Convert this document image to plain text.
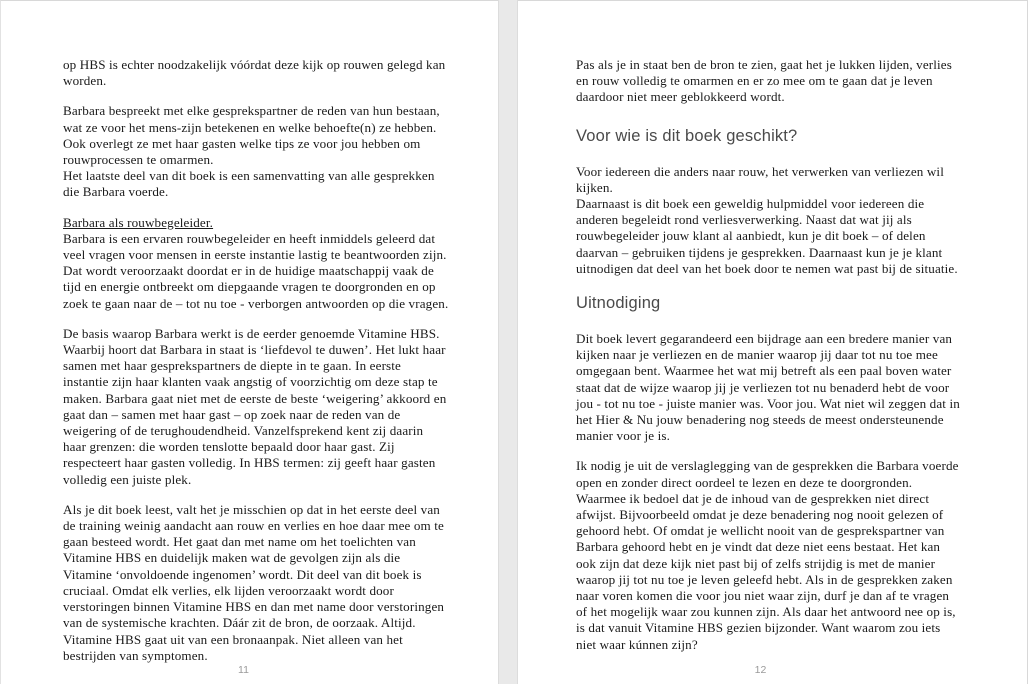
op HBS is echter noodzakelijk vóórdat deze kijk op rouwen gelegd kan worden.

Barbara bespreekt met elke gesprekspartner de reden van hun bestaan, wat ze voor het mens-zijn betekenen en welke behoefte(n) ze hebben. Ook overlegt ze met haar gasten welke tips ze voor jou hebben om rouwprocessen te omarmen.

Het laatste deel van dit boek is een samenvatting van alle gesprekken die Barbara voerde.

Barbara als rouwbegeleider.

Barbara is een ervaren rouwbegeleider en heeft inmiddels geleerd dat veel vragen voor mensen in eerste instantie lastig te beantwoorden zijn. Dat wordt veroorzaakt doordat er in de huidige maatschappij vaak de tijd en energie ontbreekt om diepgaande vragen te doorgronden en op zoek te gaan naar de – tot nu toe - verborgen antwoorden op die vragen.

De basis waarop Barbara werkt is de eerder genoemde Vitamine HBS. Waarbij hoort dat Barbara in staat is ‘liefdevol te duwen’. Het lukt haar samen met haar gesprekspartners de diepte in te gaan. In eerste instantie zijn haar klanten vaak angstig of voorzichtig om deze stap te maken. Barbara gaat niet met de eerste de beste ‘weigering’ akkoord en gaat dan – samen met haar gast – op zoek naar de reden van de weigering of de terughoudendheid. Vanzelfsprekend kent zij daarin haar grenzen: die worden tenslotte bepaald door haar gast. Zij respecteert haar gasten volledig. In HBS termen: zij geeft haar gasten volledig een juiste plek.

Als je dit boek leest, valt het je misschien op dat in het eerste deel van de training weinig aandacht aan rouw en verlies en hoe daar mee om te gaan besteed wordt. Het gaat dan met name om het toelichten van Vitamine HBS en duidelijk maken wat de gevolgen zijn als die Vitamine ‘onvoldoende ingenomen’ wordt. Dit deel van dit boek is cruciaal. Omdat elk verlies, elk lijden veroorzaakt wordt door verstoringen binnen Vitamine HBS en dan met name door verstoringen van de systemische krachten. Dáár zit de bron, de oorzaak. Altijd. Vitamine HBS gaat uit van een bronaanpak. Niet alleen van het bestrijden van symptomen.

11

Pas als je in staat ben de bron te zien, gaat het je lukken lijden, verlies en rouw volledig te omarmen en er zo mee om te gaan dat je leven daardoor niet meer geblokkeerd wordt.

Voor wie is dit boek geschikt?

Voor iedereen die anders naar rouw, het verwerken van verliezen wil kijken.

Daarnaast is dit boek een geweldig hulpmiddel voor iedereen die anderen begeleidt rond verliesverwerking. Naast dat wat jij als rouwbegeleider jouw klant al aanbiedt, kun je dit boek – of delen daarvan – gebruiken tijdens je gesprekken. Daarnaast kun je je klant uitnodigen dat deel van het boek door te nemen wat past bij de situatie.

Uitnodiging

Dit boek levert gegarandeerd een bijdrage aan een bredere manier van kijken naar je verliezen en de manier waarop jij daar tot nu toe mee omgegaan bent. Waarmee het wat mij betreft als een paal boven water staat dat de wijze waarop jij je verliezen tot nu benaderd hebt de voor jou - tot nu toe - juiste manier was. Voor jou. Wat niet wil zeggen dat in het Hier & Nu jouw benadering nog steeds de meest ondersteunende manier voor je is.

Ik nodig je uit de verslaglegging van de gesprekken die Barbara voerde open en zonder direct oordeel te lezen en deze te doorgronden. Waarmee ik bedoel dat je de inhoud van de gesprekken niet direct afwijst. Bijvoorbeeld omdat je deze benadering nog nooit gelezen of gehoord hebt. Of omdat je wellicht nooit van de gesprekspartner van Barbara gehoord hebt en je vindt dat deze niet eens bestaat. Het kan ook zijn dat deze kijk niet past bij of zelfs strijdig is met de manier waarop jij tot nu toe je leven geleefd hebt. Als in de gesprekken zaken naar voren komen die voor jou niet waar zijn, durf je dan af te vragen of het mogelijk waar zou kunnen zijn. Als daar het antwoord nee op is, is dat vanuit Vitamine HBS gezien bijzonder. Want waarom zou iets niet waar kúnnen zijn?

12
